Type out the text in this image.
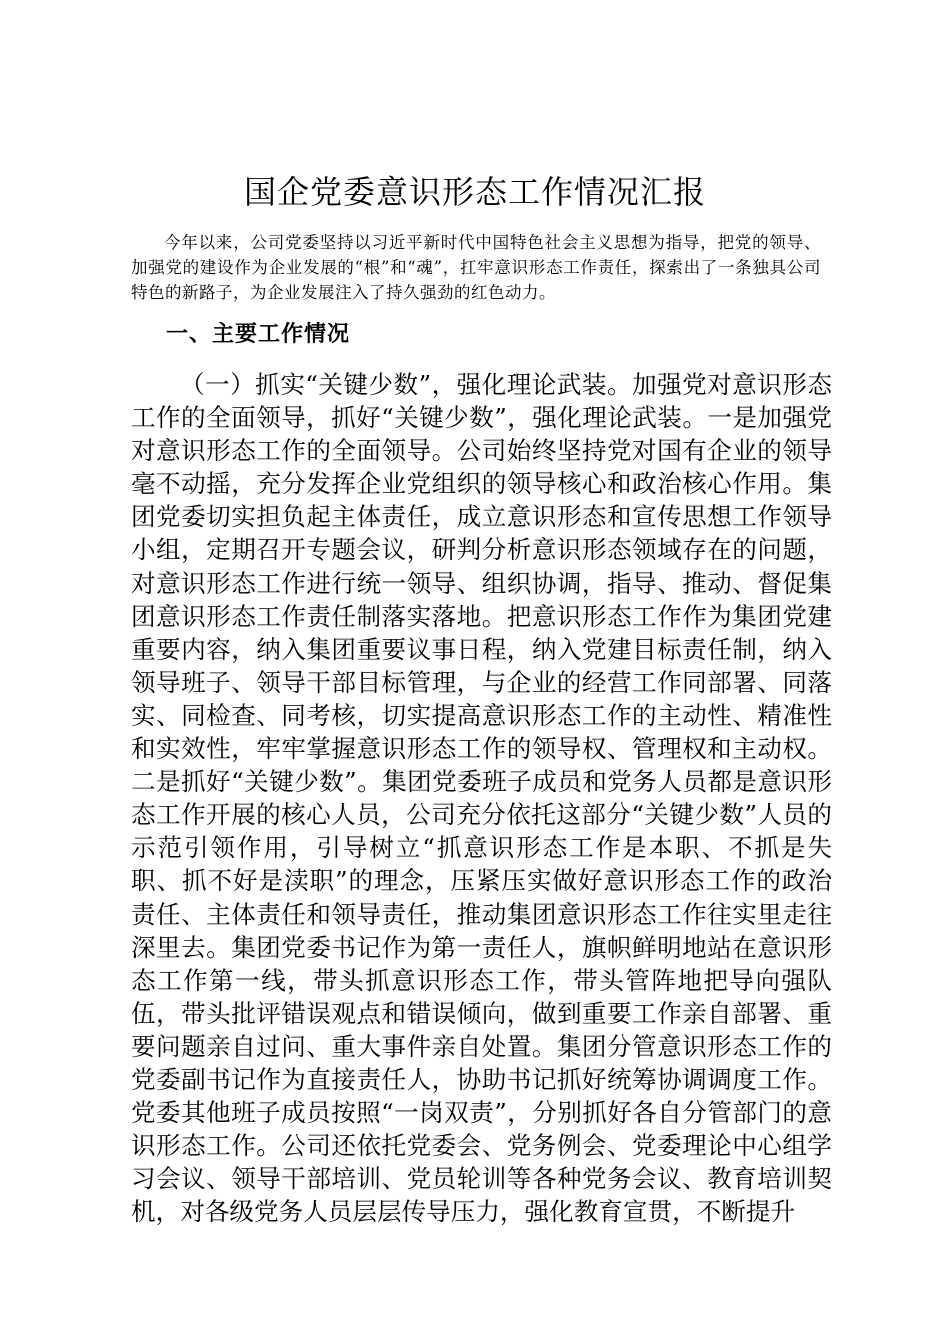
国企党委意识形态工作情况汇报

今年以来，公司党委坚持以习近平新时代中国特色社会主义思想为指导，把党的领导、加强党的建设作为企业发展的“根”和“魂”，扛牢意识形态工作责任，探索出了一条独具公司特色的新路子，为企业发展注入了持久强劲的红色动力。

一、主要工作情况

（一）抓实“关键少数”，强化理论武装。加强党对意识形态工作的全面领导，抓好“关键少数”，强化理论武装。一是加强党对意识形态工作的全面领导。公司始终坚持党对国有企业的领导毫不动摇，充分发挥企业党组织的领导核心和政治核心作用。集团党委切实担负起主体责任，成立意识形态和宣传思想工作领导小组，定期召开专题会议，研判分析意识形态领域存在的问题，对意识形态工作进行统一领导、组织协调，指导、推动、督促集团意识形态工作责任制落实落地。把意识形态工作作为集团党建重要内容，纳入集团重要议事日程，纳入党建目标责任制，纳入领导班子、领导干部目标管理，与企业的经营工作同部署、同落实、同检查、同考核，切实提高意识形态工作的主动性、精准性和实效性，牢牢掌握意识形态工作的领导权、管理权和主动权。二是抓好“关键少数”。集团党委班子成员和党务人员都是意识形态工作开展的核心人员，公司充分依托这部分“关键少数”人员的示范引领作用，引导树立“抓意识形态工作是本职、不抓是失职、抓不好是渎职”的理念，压紧压实做好意识形态工作的政治责任、主体责任和领导责任，推动集团意识形态工作往实里走往深里去。集团党委书记作为第一责任人，旗帜鲜明地站在意识形态工作第一线，带头抓意识形态工作，带头管阵地把导向强队伍，带头批评错误观点和错误倾向，做到重要工作亲自部署、重要问题亲自过问、重大事件亲自处置。集团分管意识形态工作的党委副书记作为直接责任人，协助书记抓好统筹协调调度工作。党委其他班子成员按照“一岗双责”，分别抓好各自分管部门的意识形态工作。公司还依托党委会、党务例会、党委理论中心组学习会议、领导干部培训、党员轮训等各种党务会议、教育培训契机，对各级党务人员层层传导压力，强化教育宣贯，不断提升
